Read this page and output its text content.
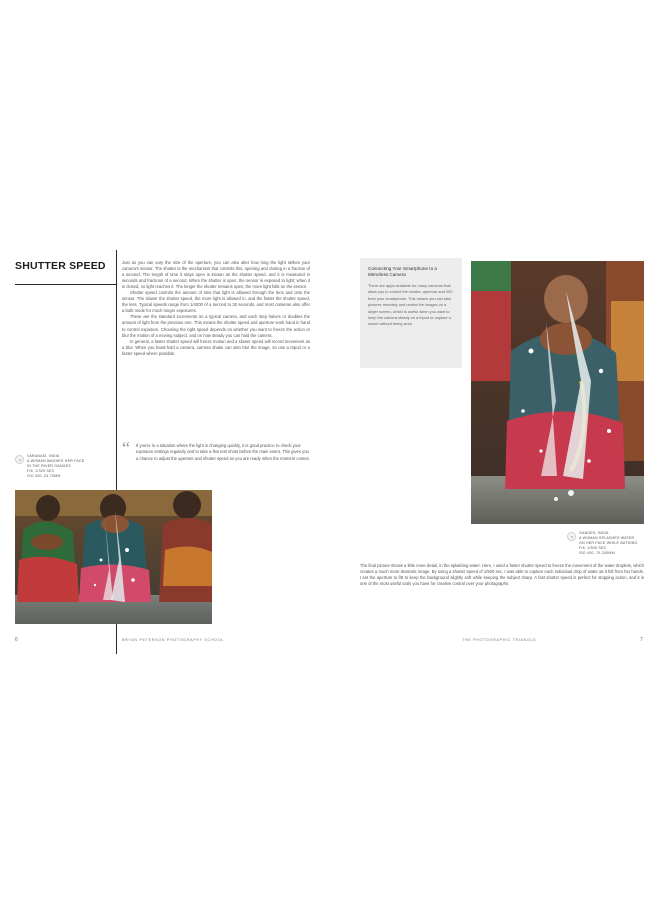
SHUTTER SPEED	Just as you can vary the size of the aperture, you can also alter how long the light strikes your camera's sensor. The shutter is the mechanism that controls this, opening and closing in a fraction of a second. The length of time it stays open is known as the shutter speed, and it is measured in seconds and fractions of a second. When the shutter is open, the sensor is exposed to light; when it is closed, no light reaches it. The longer the shutter remains open, the more light falls on the sensor.

Shutter speed controls the amount of time that light is allowed through the lens and onto the sensor. The slower the shutter speed, the more light is allowed in, and the faster the shutter speed, the less. Typical speeds range from 1/4000 of a second to 30 seconds, and most cameras also offer a bulb mode for much longer exposures.

These are the standard increments on a typical camera, and each step halves or doubles the amount of light from the previous one. This means the shutter speed and aperture work hand in hand to control exposure. Choosing the right speed depends on whether you want to freeze the action or blur the motion of a moving subject, and on how steady you can hold the camera.

In general, a faster shutter speed will freeze motion and a slower speed will record movement as a blur. When you hand-hold a camera, camera shake can also blur the image, so use a tripod or a faster speed where possible.

“ If you're in a situation where the light is changing quickly, it is good practice to check your exposure settings regularly and to take a few test shots before the main event. This gives you a chance to adjust the aperture and shutter speed so you are ready when the moment comes.
VARANASI, INDIA
A WOMAN WASHES HER FACE
IN THE RIVER GANGES
F/8, 1/320 SEC
ISO 400, 24-70MM
6	BRYAN PETERSON PHOTOGRAPHY SCHOOL
Connecting Your Smartphone to a Mirrorless Camera
There are apps available for many cameras that allow you to control the shutter, aperture and ISO from your smartphone. This means you can take pictures remotely and review the images on a larger screen, which is useful when you want to keep the camera steady on a tripod or capture a scene without being seen.
GANGES, INDIA
A WOMAN SPLASHES WATER
ON HER FACE WHILE BATHING
F/8, 1/500 SEC
ISO 400, 70-200MM

The final picture shows a little more detail, in the splashing water. Here, I used a faster shutter speed to freeze the movement of the water droplets, which creates a much more dramatic image. By using a shutter speed of 1/500 sec, I was able to capture each individual drop of water as it fell from her hands. I set the aperture to f/8 to keep the background slightly soft while keeping the subject sharp. A fast shutter speed is perfect for stopping action, and it is one of the most useful tools you have for creative control over your photographs.

7
THE PHOTOGRAPHIC TRIANGLE
